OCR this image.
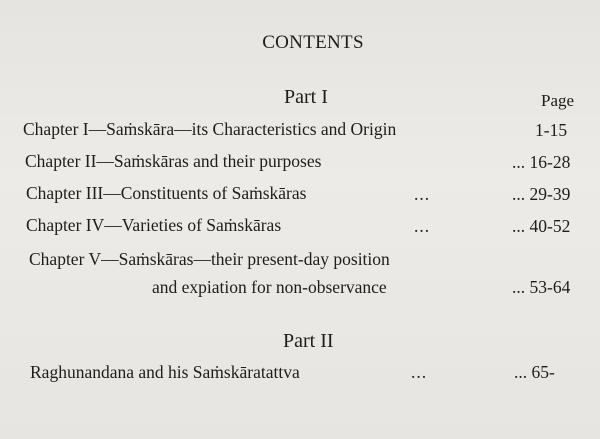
CONTENTS
Part I	Page
Chapter I—Saṁskāra—its Characteristics and Origin	1-15
Chapter II—Saṁskāras and their purposes	... 16-28
Chapter III—Constituents of Saṁskāras	...	... 29-39
Chapter IV—Varieties of Saṁskāras	...	... 40-52
Chapter V—Saṁskāras—their present-day position
and expiation for non-observance	... 53-64
Part II
Raghunandana and his Saṁskāratattva	...	... 65-
